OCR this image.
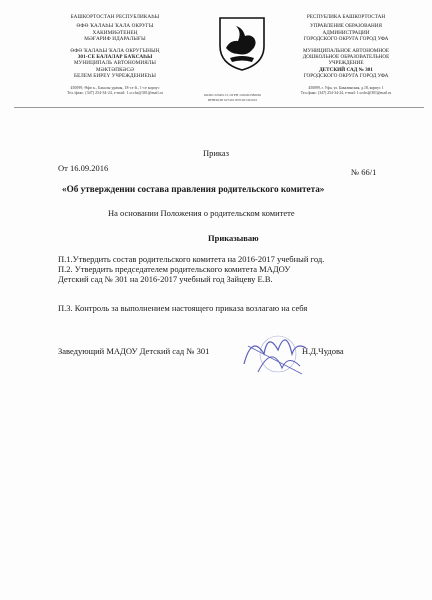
БАШКОРТОСТАН РЕСПУБЛИКАҺЫ
ӨФӨ ҠАЛАҺЫ ҠАЛА ОКРУГЫ
ХАКИМИӘТЕНЕҢ
МӘҒАРИФ ИДАРАЛЫҒЫ
ӨФӨ ҠАЛАҺЫ ҠАЛА ОКРУГЫНЫҢ
301-СЕ БАЛАЛАР БАҠСАҺЫ
МУНИЦИПАЛЬ АВТОНОМИЯЛЫ
МӘКТӘПКӘСӘ
БЕЛЕМ БИРЕҮ УЧРЕЖДЕНИЕҺЫ
450099, Өфө к., Бакалы урамы, 18-се й., 1-се корпус
Тел./факс: (347) 254-34-24, e-mail: 1.scchs@301@mail.ru
РЕСПУБЛИКА БАШКОРТОСТАН
УПРАВЛЕНИЕ ОБРАЗОВАНИЯ
АДМИНИСТРАЦИИ
ГОРОДСКОГО ОКРУГА ГОРОД УФА
МУНИЦИПАЛЬНОЕ АВТОНОМНОЕ
ДОШКОЛЬНОЕ ОБРАЗОВАТЕЛЬНОЕ
УЧРЕЖДЕНИЕ
ДЕТСКИЙ САД № 301
ГОРОДСКОГО ОКРУГА ГОРОД УФА
450099, г. Уфа, ул. Бакалинская, д.18, корпус 1
Тел./факс: (347) 254-34-24, e-mail: 1.scchs@301@mail.ru
ОКПО 22040113, ОГРН 1020202386062
ИНН/КПП 0274101970/027401001
Приказ
От 16.09.2016	№ 66/1
«Об утверждении состава правления родительского комитета»
На основании Положения о родительском комитете
Приказываю
П.1.Утвердить состав родительского комитета на 2016-2017 учебный год.
П.2. Утвердить председателем родительского комитета МАДОУ
Детский сад № 301 на 2016-2017 учебный год Зайцеву Е.В.
П.3. Контроль за выполнением настоящего приказа возлагаю на себя
Заведующий МАДОУ Детский сад № 301	Н.Д.Чудова
